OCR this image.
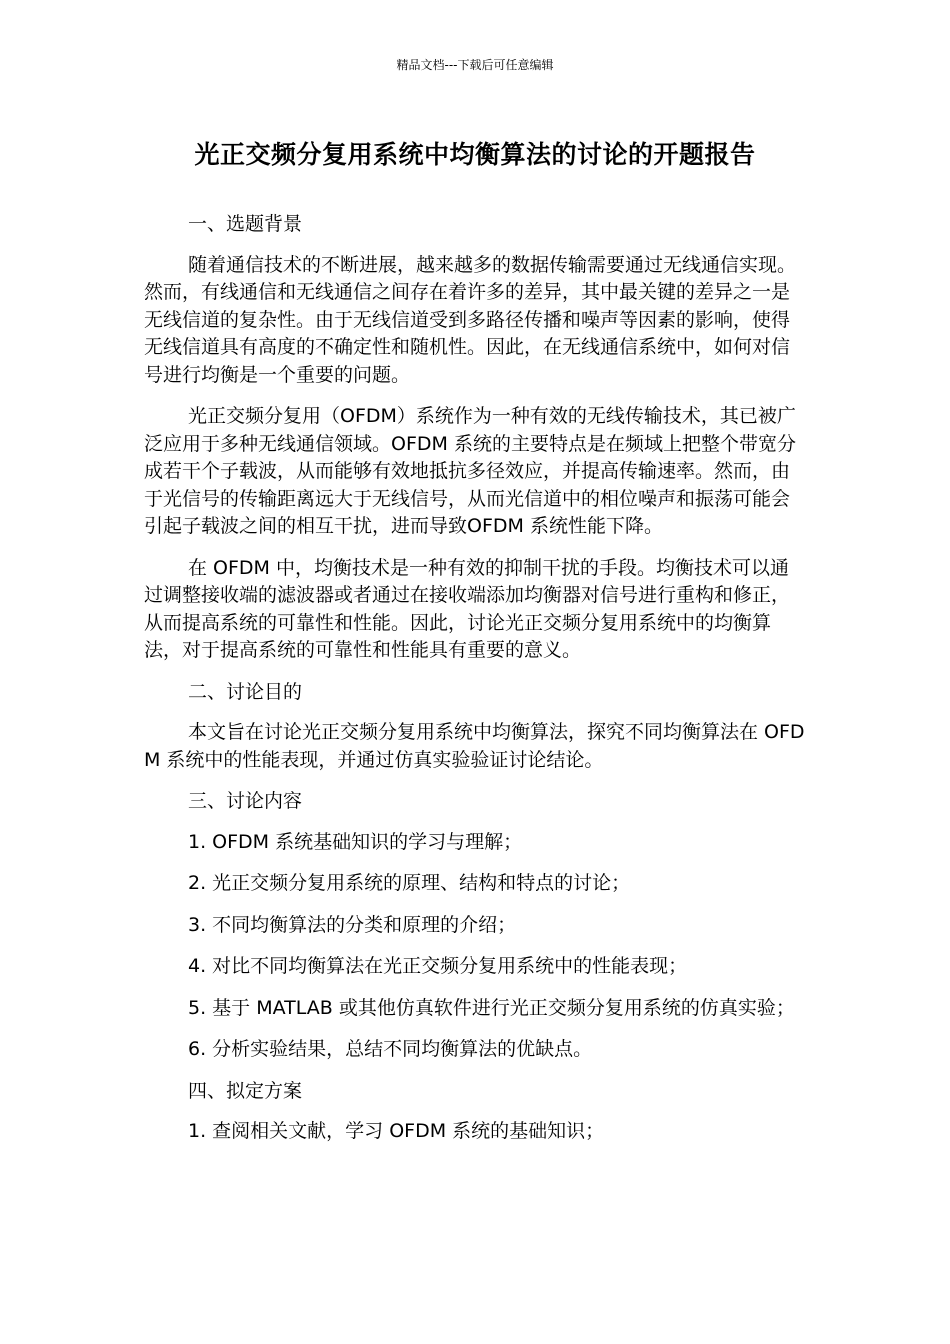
精品文档---下载后可任意编辑
光正交频分复用系统中均衡算法的讨论的开题报告

一、选题背景

随着通信技术的不断进展，越来越多的数据传输需要通过无线通信实现。然而，有线通信和无线通信之间存在着许多的差异，其中最关键的差异之一是无线信道的复杂性。由于无线信道受到多路径传播和噪声等因素的影响，使得无线信道具有高度的不确定性和随机性。因此，在无线通信系统中，如何对信号进行均衡是一个重要的问题。

光正交频分复用（OFDM）系统作为一种有效的无线传输技术，其已被广泛应用于多种无线通信领域。OFDM 系统的主要特点是在频域上把整个带宽分成若干个子载波，从而能够有效地抵抗多径效应，并提高传输速率。然而，由于光信号的传输距离远大于无线信号，从而光信道中的相位噪声和振荡可能会引起子载波之间的相互干扰，进而导致OFDM 系统性能下降。

在 OFDM 中，均衡技术是一种有效的抑制干扰的手段。均衡技术可以通过调整接收端的滤波器或者通过在接收端添加均衡器对信号进行重构和修正，从而提高系统的可靠性和性能。因此，讨论光正交频分复用系统中的均衡算法，对于提高系统的可靠性和性能具有重要的意义。

二、讨论目的

本文旨在讨论光正交频分复用系统中均衡算法，探究不同均衡算法在 OFDM 系统中的性能表现，并通过仿真实验验证讨论结论。

三、讨论内容

1. OFDM 系统基础知识的学习与理解；

2. 光正交频分复用系统的原理、结构和特点的讨论；

3. 不同均衡算法的分类和原理的介绍；

4. 对比不同均衡算法在光正交频分复用系统中的性能表现；

5. 基于 MATLAB 或其他仿真软件进行光正交频分复用系统的仿真实验；

6. 分析实验结果，总结不同均衡算法的优缺点。

四、拟定方案

1. 查阅相关文献，学习 OFDM 系统的基础知识；
